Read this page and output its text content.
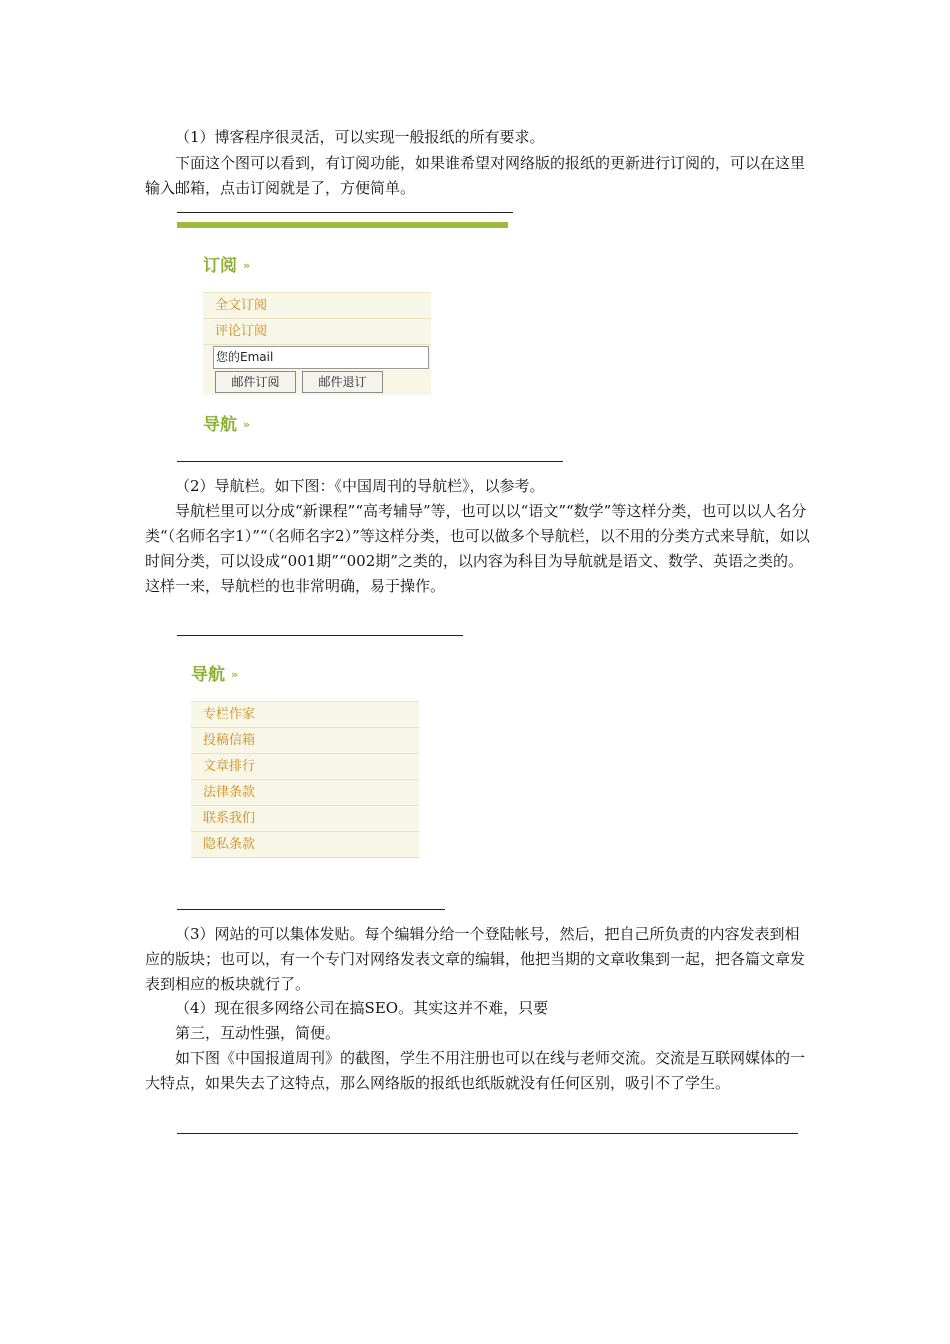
（1）博客程序很灵活，可以实现一般报纸的所有要求。

下面这个图可以看到，有订阅功能，如果谁希望对网络版的报纸的更新进行订阅的，可以在这里输入邮箱，点击订阅就是了，方便简单。

订阅 »
全文订阅
评论订阅
您的Email
邮件订阅	邮件退订
导航 »

（2）导航栏。如下图：《中国周刊的导航栏》，以参考。

导航栏里可以分成“新课程”“高考辅导”等，也可以以“语文”“数学”等这样分类，也可以以人名分类“（名师名字1）”“（名师名字2）”等这样分类，也可以做多个导航栏，以不用的分类方式来导航，如以时间分类，可以设成“001期”“002期”之类的，以内容为科目为导航就是语文、数学、英语之类的。这样一来，导航栏的也非常明确，易于操作。

导航 »
专栏作家
投稿信箱
文章排行
法律条款
联系我们
隐私条款

（3）网站的可以集体发贴。每个编辑分给一个登陆帐号，然后，把自己所负责的内容发表到相应的版块；也可以，有一个专门对网络发表文章的编辑，他把当期的文章收集到一起，把各篇文章发表到相应的板块就行了。

（4）现在很多网络公司在搞SEO。其实这并不难，只要

第三，互动性强，简便。

如下图《中国报道周刊》的截图，学生不用注册也可以在线与老师交流。交流是互联网媒体的一大特点，如果失去了这特点，那么网络版的报纸也纸版就没有任何区别，吸引不了学生。
